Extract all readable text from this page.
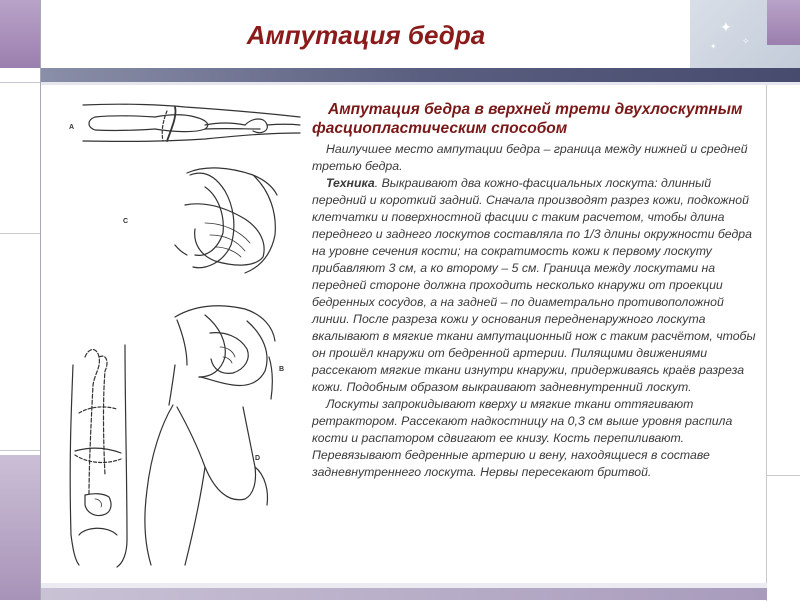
✦
✧
✦
Ампутация бедра
A
C
B
D
Ампутация бедра в верхней трети двухлоскутным фасциопластическим способом

Наилучшее место ампутации бедра – граница между нижней и средней третью бедра.

Техника. Выкраивают два кожно-фасциальных лоскута: длинный передний и короткий задний. Сначала производят разрез кожи, подкожной клетчатки и поверхностной фасции с таким расчетом, чтобы длина переднего и заднего лоскутов составляла по 1/3 длины окружности бедра на уровне сечения кости; на сократимость кожи к первому лоскуту прибавляют 3 см, а ко второму – 5 см. Граница между лоскутами на передней стороне должна проходить несколько кнаружи от проекции бедренных сосудов, а на задней – по диаметрально противоположной линии. После разреза кожи у основания передненаружного лоскута вкалывают в мягкие ткани ампутационный нож с таким расчётом, чтобы он прошёл кнаружи от бедренной артерии. Пилящими движениями рассекают мягкие ткани изнутри кнаружи, придерживаясь краёв разреза кожи. Подобным образом выкраивают задневнутренний лоскут.

Лоскуты запрокидывают кверху и мягкие ткани оттягивают ретрактором. Рассекают надкостницу на 0,3 см выше уровня распила кости и распатором сдвигают ее книзу. Кость перепиливают. Перевязывают бедренные артерию и вену, находящиеся в составе задневнутреннего лоскута. Нервы пересекают бритвой.
